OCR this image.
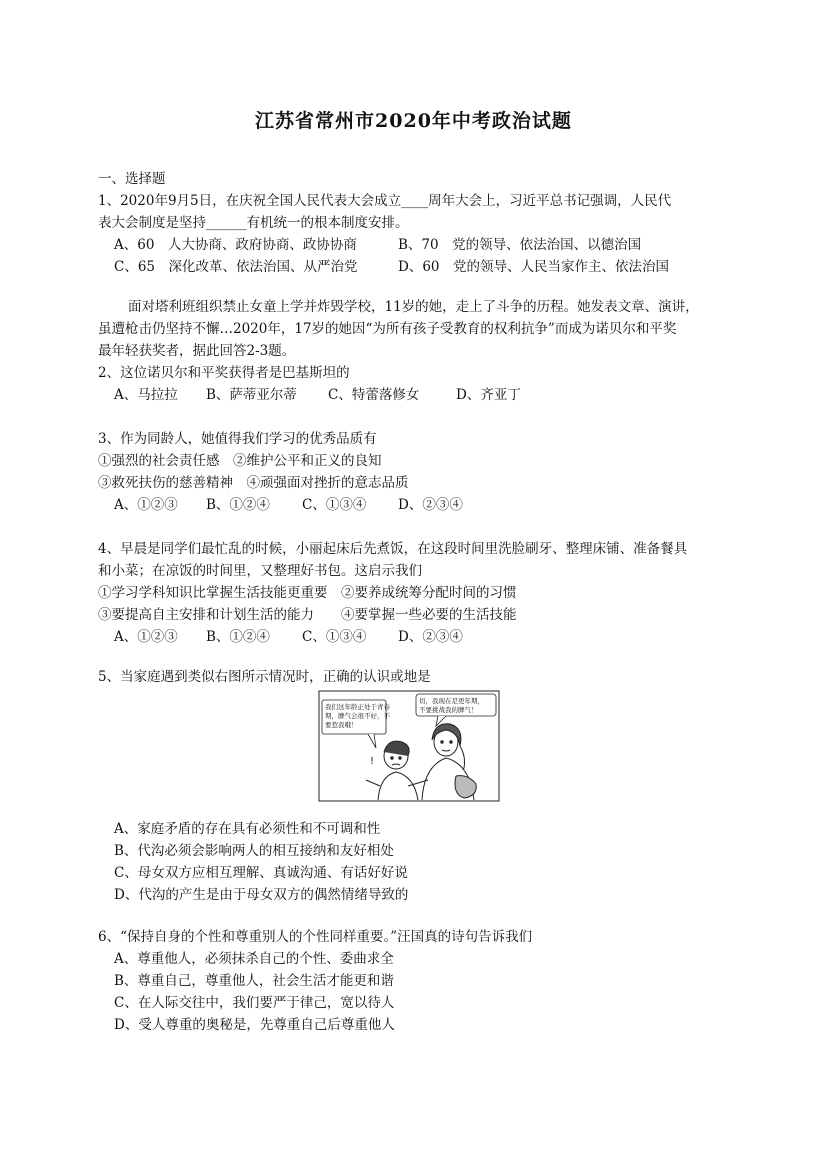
江苏省常州市2020年中考政治试题
一、选择题
1、2020年9月5日，在庆祝全国人民代表大会成立____周年大会上，习近平总书记强调，人民代
表大会制度是坚持______有机统一的根本制度安排。
A、60　人大协商、政府协商、政协协商	B、70　党的领导、依法治国、以德治国
C、65　深化改革、依法治国、从严治党	D、60　党的领导、人民当家作主、依法治国
面对塔利班组织禁止女童上学并炸毁学校，11岁的她，走上了斗争的历程。她发表文章、演讲，
虽遭枪击仍坚持不懈…2020年，17岁的她因“为所有孩子受教育的权利抗争”而成为诺贝尔和平奖
最年轻获奖者，据此回答2-3题。
2、这位诺贝尔和平奖获得者是巴基斯坦的
A、马拉拉 B、萨蒂亚尔蒂 C、特蕾落修女	D、齐亚丁
3、作为同龄人，她值得我们学习的优秀品质有
①强烈的社会责任感　②维护公平和正义的良知
③救死扶伤的慈善精神　④顽强面对挫折的意志品质
A、①②③ B、①②④ C、①③④ D、②③④
4、早晨是同学们最忙乱的时候，小丽起床后先煮饭，在这段时间里洗脸刷牙、整理床铺、准备餐具
和小菜；在凉饭的时间里，又整理好书包。这启示我们
①学习学科知识比掌握生活技能更重要　②要养成统筹分配时间的习惯
③要提高自主安排和计划生活的能力　　④要掌握一些必要的生活技能
A、①②③ B、①②④ C、①③④ D、②③④
5、当家庭遇到类似右图所示情况时，正确的认识或地是
我们这年龄正处于青春
期，脾气会很不好，不
要惹我哦！
切，我现在是更年期，
不要挑战我的脾气！
!
A、家庭矛盾的存在具有必须性和不可调和性
B、代沟必须会影响两人的相互接纳和友好相处
C、母女双方应相互理解、真诚沟通、有话好好说
D、代沟的产生是由于母女双方的偶然情绪导致的
6、“保持自身的个性和尊重别人的个性同样重要。”汪国真的诗句告诉我们
A、尊重他人，必须抹杀自己的个性、委曲求全
B、尊重自己，尊重他人，社会生活才能更和谐
C、在人际交往中，我们要严于律己，宽以待人
D、受人尊重的奥秘是，先尊重自己后尊重他人
